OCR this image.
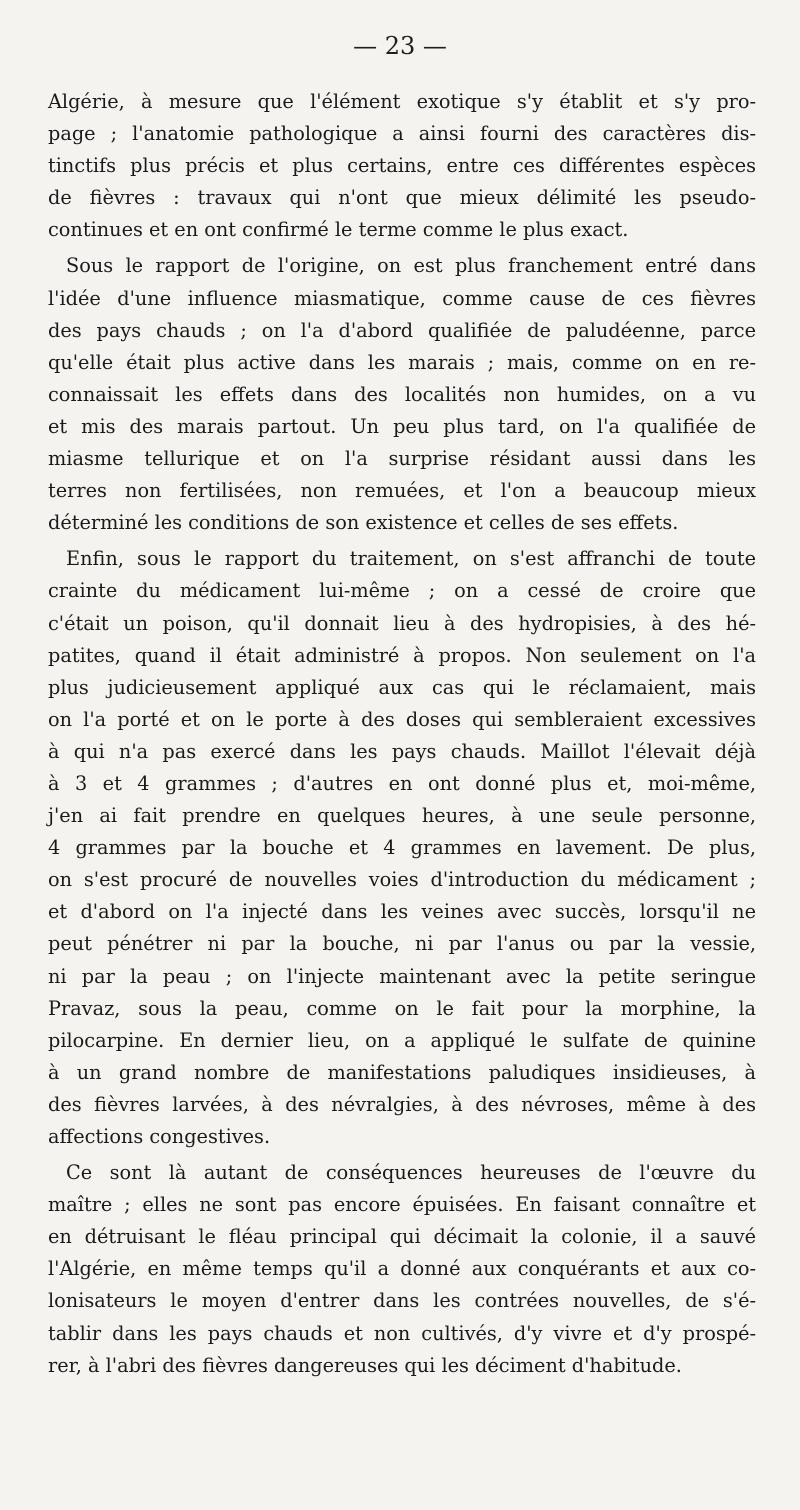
— 23 —
Algérie, à mesure que l'élément exotique s'y établit et s'y pro-
page ; l'anatomie pathologique a ainsi fourni des caractères dis-
tinctifs plus précis et plus certains, entre ces différentes espèces
de fièvres : travaux qui n'ont que mieux délimité les pseudo-
continues et en ont confirmé le terme comme le plus exact.
Sous le rapport de l'origine, on est plus franchement entré dans
l'idée d'une influence miasmatique, comme cause de ces fièvres
des pays chauds ; on l'a d'abord qualifiée de paludéenne, parce
qu'elle était plus active dans les marais ; mais, comme on en re-
connaissait les effets dans des localités non humides, on a vu
et mis des marais partout. Un peu plus tard, on l'a qualifiée de
miasme tellurique et on l'a surprise résidant aussi dans les
terres non fertilisées, non remuées, et l'on a beaucoup mieux
déterminé les conditions de son existence et celles de ses effets.
Enfin, sous le rapport du traitement, on s'est affranchi de toute
crainte du médicament lui-même ; on a cessé de croire que
c'était un poison, qu'il donnait lieu à des hydropisies, à des hé-
patites, quand il était administré à propos. Non seulement on l'a
plus judicieusement appliqué aux cas qui le réclamaient, mais
on l'a porté et on le porte à des doses qui sembleraient excessives
à qui n'a pas exercé dans les pays chauds. Maillot l'élevait déjà
à 3 et 4 grammes ; d'autres en ont donné plus et, moi-même,
j'en ai fait prendre en quelques heures, à une seule personne,
4 grammes par la bouche et 4 grammes en lavement. De plus,
on s'est procuré de nouvelles voies d'introduction du médicament ;
et d'abord on l'a injecté dans les veines avec succès, lorsqu'il ne
peut pénétrer ni par la bouche, ni par l'anus ou par la vessie,
ni par la peau ; on l'injecte maintenant avec la petite seringue
Pravaz, sous la peau, comme on le fait pour la morphine, la
pilocarpine. En dernier lieu, on a appliqué le sulfate de quinine
à un grand nombre de manifestations paludiques insidieuses, à
des fièvres larvées, à des névralgies, à des névroses, même à des
affections congestives.
Ce sont là autant de conséquences heureuses de l'œuvre du
maître ; elles ne sont pas encore épuisées. En faisant connaître et
en détruisant le fléau principal qui décimait la colonie, il a sauvé
l'Algérie, en même temps qu'il a donné aux conquérants et aux co-
lonisateurs le moyen d'entrer dans les contrées nouvelles, de s'é-
tablir dans les pays chauds et non cultivés, d'y vivre et d'y prospé-
rer, à l'abri des fièvres dangereuses qui les déciment d'habitude.
